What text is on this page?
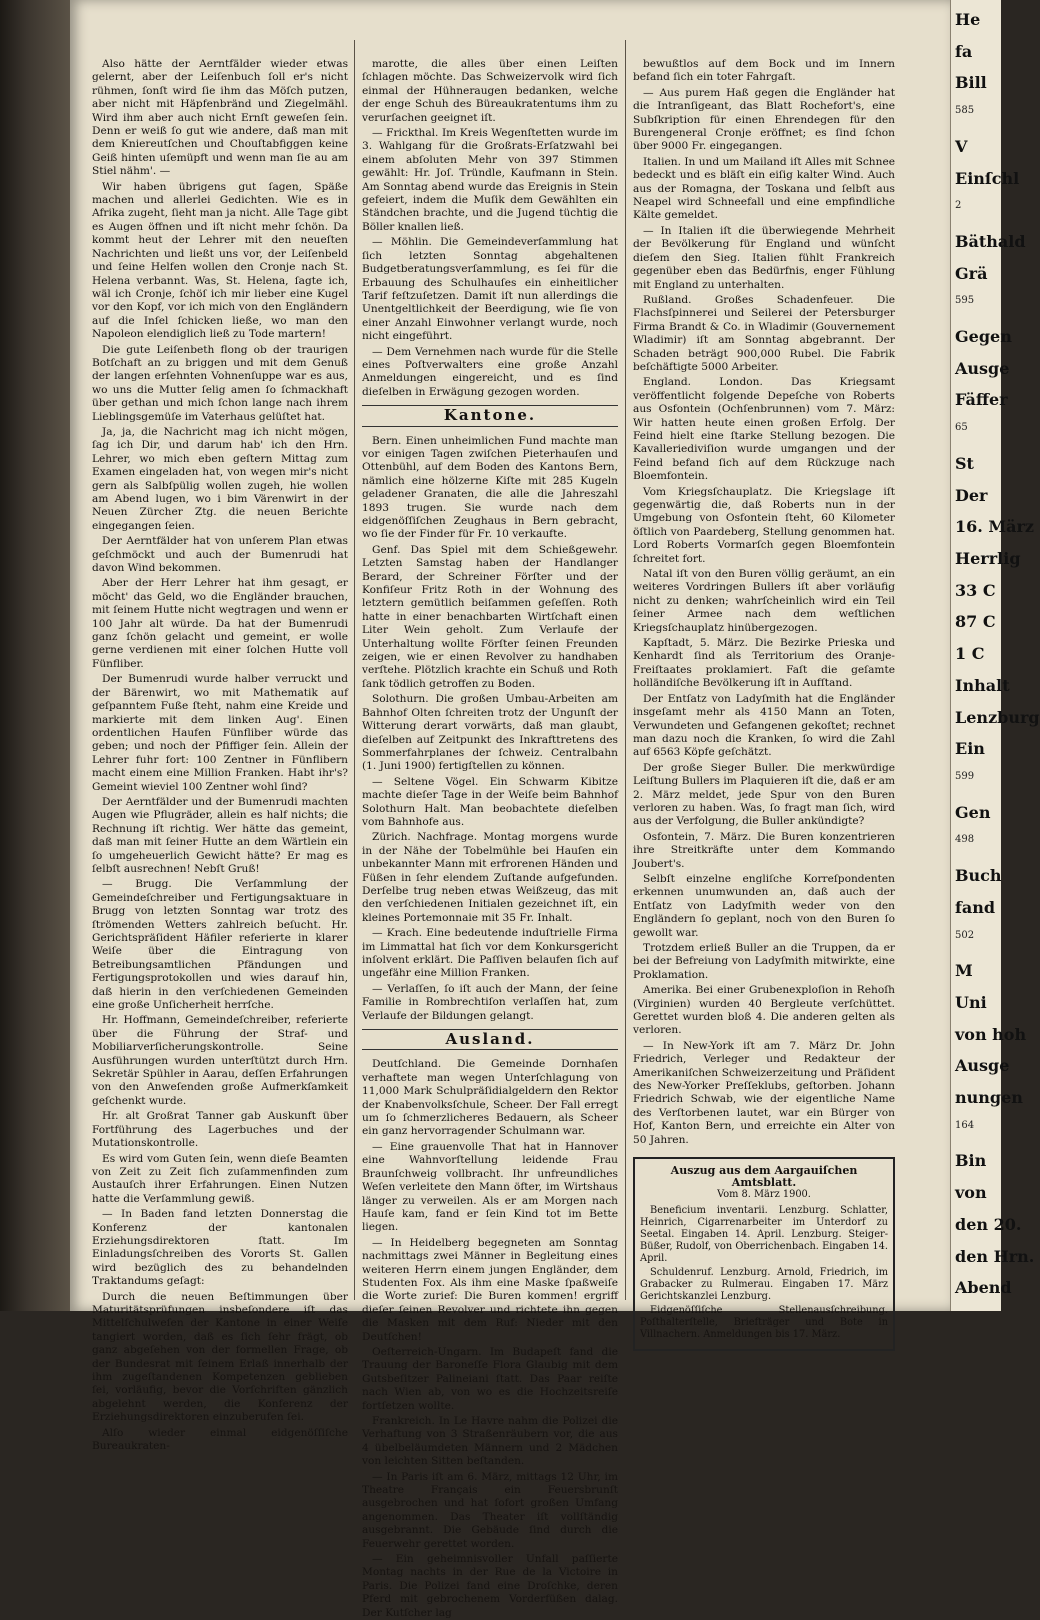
Also hätte der Aerntfälder wieder etwas gelernt, aber der Leiſenbuch ſoll er's nicht rühmen, ſonſt wird ſie ihm das Möſch putzen, aber nicht mit Häpfenbränd und Ziegelmähl. Wird ihm aber auch nicht Ernſt geweſen ſein. Denn er weiß ſo gut wie andere, daß man mit dem Kniereutſchen und Chouſtabfiggen keine Geiß hinten uſemüpft und wenn man ſie au am Stiel nähm'. —

Wir haben übrigens gut ſagen, Späße machen und allerlei Gedichten. Wie es in Afrika zugeht, ſieht man ja nicht. Alle Tage gibt es Augen öffnen und iſt nicht mehr ſchön. Da kommt heut der Lehrer mit den neueſten Nachrichten und ließt uns vor, der Leiſenbeld und ſeine Helfen wollen den Cronje nach St. Helena verbannt. Was, St. Helena, ſagte ich, wäl ich Cronje, ſchöſ ich mir lieber eine Kugel vor den Kopf, vor ich mich von den Engländern auf die Inſel ſchicken ließe, wo man den Napoleon elendiglich ließ zu Tode martern!

Die gute Leiſenbeth flong ob der traurigen Botſchaft an zu briggen und mit dem Genuß der langen erſehnten Vohnenſuppe war es aus, wo uns die Mutter ſelig amen ſo ſchmackhaft über gethan und mich ſchon lange nach ihrem Lieblingsgemüſe im Vaterhaus gelüſtet hat.

Ja, ja, die Nachricht mag ich nicht mögen, ſag ich Dir, und darum hab' ich den Hrn. Lehrer, wo mich eben geſtern Mittag zum Examen eingeladen hat, von wegen mir's nicht gern als Salbſpülig wollen zugeh, hie wollen am Abend lugen, wo i bim Värenwirt in der Neuen Zürcher Ztg. die neuen Berichte eingegangen ſeien.

Der Aerntfälder hat von unſerem Plan etwas geſchmöckt und auch der Bumenrudi hat davon Wind bekommen.

Aber der Herr Lehrer hat ihm gesagt, er möcht' das Geld, wo die Engländer brauchen, mit ſeinem Hutte nicht wegtragen und wenn er 100 Jahr alt würde. Da hat der Bumenrudi ganz ſchön gelacht und gemeint, er wolle gerne verdienen mit einer ſolchen Hutte voll Fünfliber.

Der Bumenrudi wurde halber verruckt und der Bärenwirt, wo mit Mathematik auf geſpanntem Fuße ſteht, nahm eine Kreide und markierte mit dem linken Aug'. Einen ordentlichen Haufen Fünfliber würde das geben; und noch der Pfiffiger ſein. Allein der Lehrer fuhr fort: 100 Zentner in Fünflibern macht einem eine Million Franken. Habt ihr's? Gemeint wieviel 100 Zentner wohl ſind?

Der Aerntfälder und der Bumenrudi machten Augen wie Pflugräder, allein es half nichts; die Rechnung iſt richtig. Wer hätte das gemeint, daß man mit ſeiner Hutte an dem Wärtlein ein ſo umgeheuerlich Gewicht hätte? Er mag es ſelbſt ausrechnen! Nebſt Gruß!

— Brugg. Die Verſammlung der Gemeindeſchreiber und Fertigungsaktuare in Brugg von letzten Sonntag war trotz des ſtrömenden Wetters zahlreich beſucht. Hr. Gerichtspräſident Häfiler referierte in klarer Weiſe über die Eintragung von Betreibungsamtlichen Pfändungen und Fertigungsprotokollen und wies darauf hin, daß hierin in den verſchiedenen Gemeinden eine große Unſicherheit herrſche.

Hr. Hoffmann, Gemeindeſchreiber, referierte über die Führung der Straf- und Mobiliarverſicherungskontrolle. Seine Ausführungen wurden unterſtützt durch Hrn. Sekretär Spühler in Aarau, deſſen Erfahrungen von den Anweſenden große Aufmerkſamkeit geſchenkt wurde.

Hr. alt Großrat Tanner gab Auskunft über Fortführung des Lagerbuches und der Mutationskontrolle.

Es wird vom Guten ſein, wenn dieſe Beamten von Zeit zu Zeit ſich zuſammenfinden zum Austauſch ihrer Erfahrungen. Einen Nutzen hatte die Verſammlung gewiß.

— In Baden fand letzten Donnerstag die Konferenz der kantonalen Erziehungsdirektoren ſtatt. Im Einladungsſchreiben des Vororts St. Gallen wird bezüglich des zu behandelnden Traktandums geſagt:

Durch die neuen Beſtimmungen über Maturitätsprüfungen insbeſondere iſt das Mittelſchulweſen der Kantone in einer Weiſe tangiert worden, daß es ſich ſehr frägt, ob ganz abgeſehen von der formellen Frage, ob der Bundesrat mit ſeinem Erlaß innerhalb der ihm zugeſtandenen Kompetenzen geblieben ſei, vorläufig, bevor die Vorſchriften gänzlich abgelehnt werden, die Konferenz der Erziehungsdirektoren einzuberufen ſei.

Alſo wieder einmal eidgenöſſiſche Bureaukraten-

marotte, die alles über einen Leiſten ſchlagen möchte. Das Schweizervolk wird ſich einmal der Hühneraugen bedanken, welche der enge Schuh des Büreaukratentums ihm zu verurſachen geeignet iſt.

— Frickthal. Im Kreis Wegenſtetten wurde im 3. Wahlgang für die Großrats-Erſatzwahl bei einem abſoluten Mehr von 397 Stimmen gewählt: Hr. Joſ. Tründle, Kaufmann in Stein. Am Sonntag abend wurde das Ereignis in Stein gefeiert, indem die Muſik dem Gewählten ein Ständchen brachte, und die Jugend tüchtig die Böller knallen ließ.

— Möhlin. Die Gemeindeverſammlung hat ſich letzten Sonntag abgehaltenen Budgetberatungsverſammlung, es ſei für die Erbauung des Schulhauſes ein einheitlicher Tarif feſtzuſetzen. Damit iſt nun allerdings die Unentgeltlichkeit der Beerdigung, wie ſie von einer Anzahl Einwohner verlangt wurde, noch nicht eingeführt.

— Dem Vernehmen nach wurde für die Stelle eines Poſtverwalters eine große Anzahl Anmeldungen eingereicht, und es ſind dieſelben in Erwägung gezogen worden.

Kantone.

Bern. Einen unheimlichen Fund machte man vor einigen Tagen zwiſchen Pieterhauſen und Ottenbühl, auf dem Boden des Kantons Bern, nämlich eine hölzerne Kiſte mit 285 Kugeln geladener Granaten, die alle die Jahreszahl 1893 trugen. Sie wurde nach dem eidgenöſſiſchen Zeughaus in Bern gebracht, wo ſie der Finder für Fr. 10 verkaufte.

Genf. Das Spiel mit dem Schießgewehr. Letzten Samstag haben der Handlanger Berard, der Schreiner Förſter und der Konfiſeur Fritz Roth in der Wohnung des letztern gemütlich beiſammen geſeſſen. Roth hatte in einer benachbarten Wirtſchaft einen Liter Wein geholt. Zum Verlaufe der Unterhaltung wollte Förſter ſeinen Freunden zeigen, wie er einen Revolver zu handhaben verſtehe. Plötzlich krachte ein Schuß und Roth ſank tödlich getroffen zu Boden.

Solothurn. Die großen Umbau-Arbeiten am Bahnhof Olten ſchreiten trotz der Ungunſt der Witterung derart vorwärts, daß man glaubt, dieſelben auf Zeitpunkt des Inkrafttretens des Sommerfahrplanes der ſchweiz. Centralbahn (1. Juni 1900) fertigſtellen zu können.

— Seltene Vögel. Ein Schwarm Kibitze machte dieſer Tage in der Weiſe beim Bahnhof Solothurn Halt. Man beobachtete dieſelben vom Bahnhofe aus.

Zürich. Nachfrage. Montag morgens wurde in der Nähe der Tobelmühle bei Hauſen ein unbekannter Mann mit erfrorenen Händen und Füßen in ſehr elendem Zuſtande aufgefunden. Derſelbe trug neben etwas Weißzeug, das mit den verſchiedenen Initialen gezeichnet iſt, ein kleines Portemonnaie mit 35 Fr. Inhalt.

— Krach. Eine bedeutende induſtrielle Firma im Limmattal hat ſich vor dem Konkursgericht inſolvent erklärt. Die Paſſiven belaufen ſich auf ungefähr eine Million Franken.

— Verlaſſen, ſo iſt auch der Mann, der ſeine Familie in Rombrechtiſon verlaſſen hat, zum Verlaufe der Bildungen gelangt.

Ausland.

Deutſchland. Die Gemeinde Dornhaſen verhaftete man wegen Unterſchlagung von 11,000 Mark Schulpräſidialgeldern den Rektor der Knabenvolksſchule, Scheer. Der Fall erregt um ſo ſchmerzlicheres Bedauern, als Scheer ein ganz hervorragender Schulmann war.

— Eine grauenvolle That hat in Hannover eine Wahnvorſtellung leidende Frau Braunſchweig vollbracht. Ihr unfreundliches Weſen verleitete den Mann öfter, im Wirtshaus länger zu verweilen. Als er am Morgen nach Hauſe kam, fand er ſein Kind tot im Bette liegen.

— In Heidelberg begegneten am Sonntag nachmittags zwei Männer in Begleitung eines weiteren Herrn einem jungen Engländer, dem Studenten Fox. Als ihm eine Maske ſpaßweiſe die Worte zurief: Die Buren kommen! ergriff dieſer ſeinen Revolver und richtete ihn gegen die Masken mit dem Ruf: Nieder mit den Deutſchen!

Oeſterreich-Ungarn. Im Budapeſt fand die Trauung der Baroneſſe Flora Glaubig mit dem Gutsbeſitzer Palineiani ſtatt. Das Paar reiſte nach Wien ab, von wo es die Hochzeitsreiſe fortſetzen wollte.

Frankreich. In Le Havre nahm die Polizei die Verhaftung von 3 Straßenräubern vor, die aus 4 übelbeläumdeten Männern und 2 Mädchen von leichten Sitten beſtanden.

— In Paris iſt am 6. März, mittags 12 Uhr, im Theatre Français ein Feuersbrunſt ausgebrochen und hat ſofort großen Umfang angenommen. Das Theater iſt vollſtändig ausgebrannt. Die Gebäude ſind durch die Feuerwehr gerettet worden.

— Ein geheimnisvoller Unfall paſſierte Montag nachts in der Rue de la Victoire in Paris. Die Polizei fand eine Droſchke, deren Pferd mit gebrochenem Vorderfüßen dalag. Der Kutſcher lag

bewußtlos auf dem Bock und im Innern befand ſich ein toter Fahrgaſt.

— Aus purem Haß gegen die Engländer hat die Intranſigeant, das Blatt Rochefort's, eine Subſkription für einen Ehrendegen für den Burengeneral Cronje eröffnet; es ſind ſchon über 9000 Fr. eingegangen.

Italien. In und um Mailand iſt Alles mit Schnee bedeckt und es bläſt ein eiſig kalter Wind. Auch aus der Romagna, der Toskana und ſelbſt aus Neapel wird Schneefall und eine empfindliche Kälte gemeldet.

— In Italien iſt die überwiegende Mehrheit der Bevölkerung für England und wünſcht dieſem den Sieg. Italien fühlt Frankreich gegenüber eben das Bedürfnis, enger Fühlung mit England zu unterhalten.

Rußland. Großes Schadenfeuer. Die Flachsſpinnerei und Seilerei der Petersburger Firma Brandt & Co. in Wladimir (Gouvernement Wladimir) iſt am Sonntag abgebrannt. Der Schaden beträgt 900,000 Rubel. Die Fabrik beſchäftigte 5000 Arbeiter.

England. London. Das Kriegsamt veröffentlicht folgende Depeſche von Roberts aus Osfontein (Ochſenbrunnen) vom 7. März: Wir hatten heute einen großen Erfolg. Der Feind hielt eine ſtarke Stellung bezogen. Die Kavalleriediviſion wurde umgangen und der Feind befand ſich auf dem Rückzuge nach Bloemfontein.

Vom Kriegsſchauplatz. Die Kriegslage iſt gegenwärtig die, daß Roberts nun in der Umgebung von Osfontein ſteht, 60 Kilometer öſtlich von Paardeberg, Stellung genommen hat. Lord Roberts Vormarſch gegen Bloemfontein ſchreitet fort.

Natal iſt von den Buren völlig geräumt, an ein weiteres Vordringen Bullers iſt aber vorläufig nicht zu denken; wahrſcheinlich wird ein Teil ſeiner Armee nach dem weſtlichen Kriegsſchauplatz hinübergezogen.

Kapſtadt, 5. März. Die Bezirke Prieska und Kenhardt ſind als Territorium des Oranje-Freiſtaates proklamiert. Faſt die geſamte holländiſche Bevölkerung iſt in Aufſtand.

Der Entſatz von Ladyſmith hat die Engländer insgeſamt mehr als 4150 Mann an Toten, Verwundeten und Gefangenen gekoſtet; rechnet man dazu noch die Kranken, ſo wird die Zahl auf 6563 Köpfe geſchätzt.

Der große Sieger Buller. Die merkwürdige Leiſtung Bullers im Plaquieren iſt die, daß er am 2. März meldet, jede Spur von den Buren verloren zu haben. Was, ſo fragt man ſich, wird aus der Verfolgung, die Buller ankündigte?

Osfontein, 7. März. Die Buren konzentrieren ihre Streitkräfte unter dem Kommando Joubert's.

Selbſt einzelne engliſche Korreſpondenten erkennen unumwunden an, daß auch der Entſatz von Ladyſmith weder von den Engländern ſo geplant, noch von den Buren ſo gewollt war.

Trotzdem erließ Buller an die Truppen, da er bei der Befreiung von Ladyſmith mitwirkte, eine Proklamation.

Amerika. Bei einer Grubenexploſion in Rehoſh (Virginien) wurden 40 Bergleute verſchüttet. Gerettet wurden bloß 4. Die anderen gelten als verloren.

— In New-York iſt am 7. März Dr. John Friedrich, Verleger und Redakteur der Amerikaniſchen Schweizerzeitung und Präſident des New-Yorker Preſſeklubs, geſtorben. Johann Friedrich Schwab, wie der eigentliche Name des Verſtorbenen lautet, war ein Bürger von Hof, Kanton Bern, und erreichte ein Alter von 50 Jahren.

Auszug aus dem Aargauiſchen Amtsblatt.
Vom 8. März 1900.

Beneficium inventarii. Lenzburg. Schlatter, Heinrich, Cigarrenarbeiter im Unterdorf zu Seetal. Eingaben 14. April. Lenzburg. Steiger-Büßer, Rudolf, von Oberrichenbach. Eingaben 14. April.

Schuldenruf. Lenzburg. Arnold, Friedrich, im Grabacker zu Rulmerau. Eingaben 17. März Gerichtskanzlei Lenzburg.

Eidgenöſſiſche Stellenausſchreibung. Poſthalterſtelle, Briefträger und Bote in Villnachern. Anmeldungen bis 17. März.

He
fa
Bill
585
V
Einſchl
2
Bäthald
Grä
595
Gegen
Ausge
Fäffer
65
St
Der
16. März
Herrlig
33 C
87 C
1 C
Inhalt
Lenzburg
Ein
599
Gen
498
Buch
fand
502
M
Uni
von hoh
Ausge
nungen
164
Bin
von
den 20.
den Hrn.
Abend
